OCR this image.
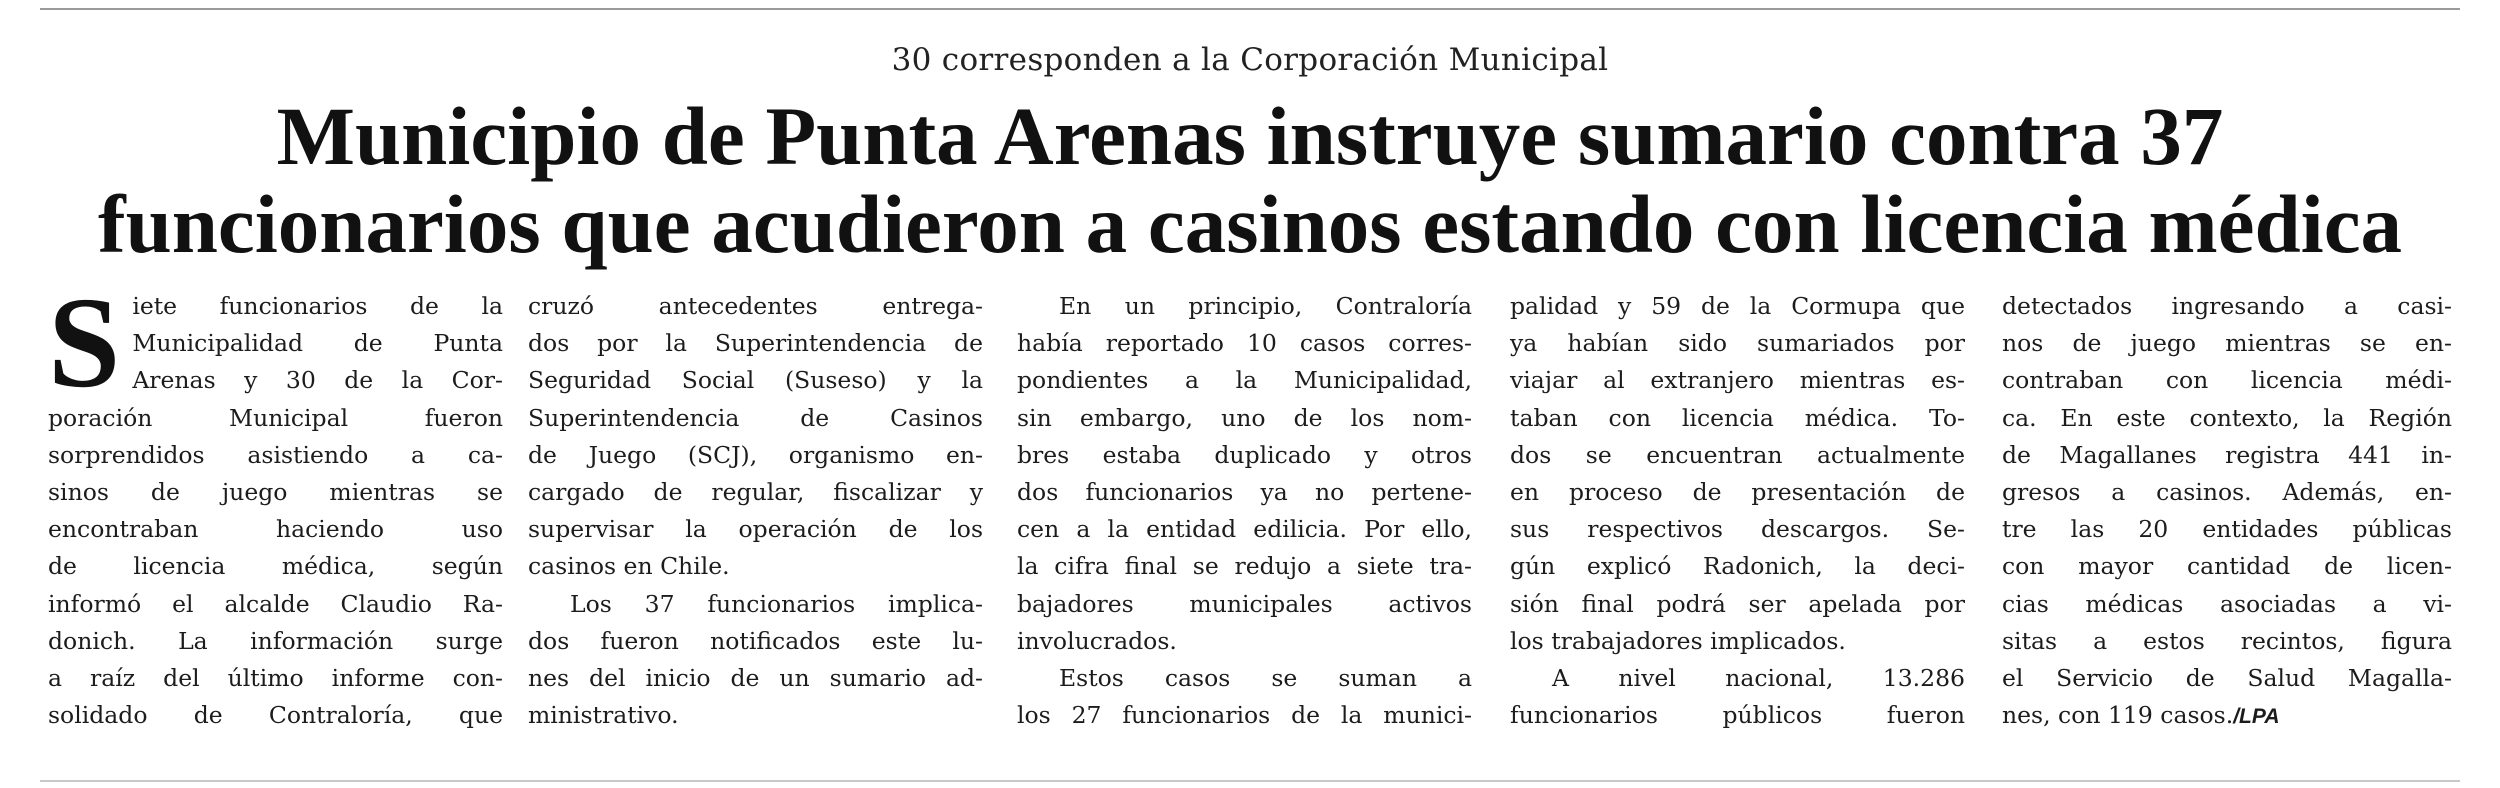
30 corresponden a la Corporación Municipal
Municipio de Punta Arenas instruye sumario contra 37
funcionarios que acudieron a casinos estando con licencia médica
S iete funcionarios de la
Municipalidad de Punta
Arenas y 30 de la Cor-
poración Municipal fueron
sorprendidos asistiendo a ca-
sinos de juego mientras se
encontraban haciendo uso
de licencia médica, según
informó el alcalde Claudio Ra-
donich. La información surge
a raíz del último informe con-
solidado de Contraloría, que
cruzó antecedentes entrega-
dos por la Superintendencia de
Seguridad Social (Suseso) y la
Superintendencia de Casinos
de Juego (SCJ), organismo en-
cargado de regular, fiscalizar y
supervisar la operación de los
casinos en Chile.
Los 37 funcionarios implica-
dos fueron notificados este lu-
nes del inicio de un sumario ad-
ministrativo.
En un principio, Contraloría
había reportado 10 casos corres-
pondientes a la Municipalidad,
sin embargo, uno de los nom-
bres estaba duplicado y otros
dos funcionarios ya no pertene-
cen a la entidad edilicia. Por ello,
la cifra final se redujo a siete tra-
bajadores municipales activos
involucrados.
Estos casos se suman a
los 27 funcionarios de la munici-
palidad y 59 de la Cormupa que
ya habían sido sumariados por
viajar al extranjero mientras es-
taban con licencia médica. To-
dos se encuentran actualmente
en proceso de presentación de
sus respectivos descargos. Se-
gún explicó Radonich, la deci-
sión final podrá ser apelada por
los trabajadores implicados.
A nivel nacional, 13.286
funcionarios públicos fueron
detectados ingresando a casi-
nos de juego mientras se en-
contraban con licencia médi-
ca. En este contexto, la Región
de Magallanes registra 441 in-
gresos a casinos. Además, en-
tre las 20 entidades públicas
con mayor cantidad de licen-
cias médicas asociadas a vi-
sitas a estos recintos, figura
el Servicio de Salud Magalla-
nes, con 119 casos./LPA
